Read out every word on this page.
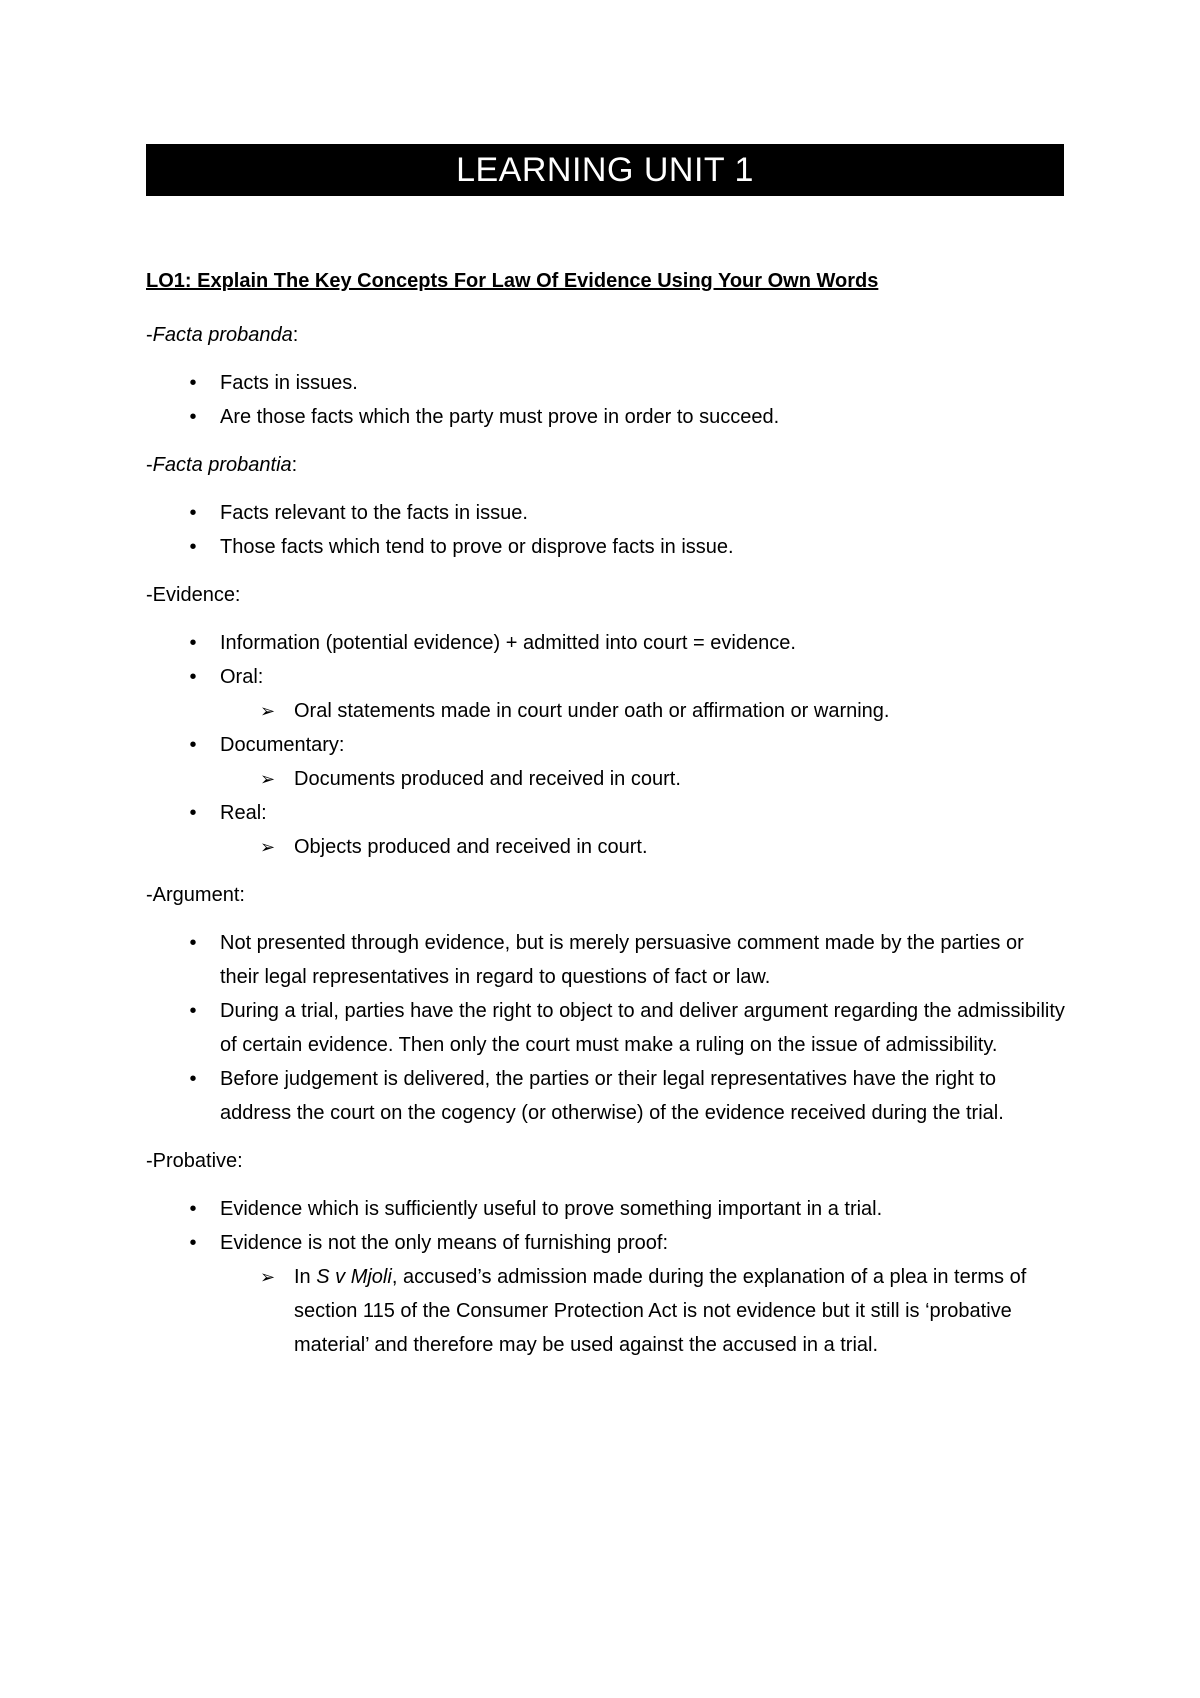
LEARNING UNIT 1
LO1: Explain The Key Concepts For Law Of Evidence Using Your Own Words

-Facta probanda:

• Facts in issues.
• Are those facts which the party must prove in order to succeed.

-Facta probantia:

• Facts relevant to the facts in issue.
• Those facts which tend to prove or disprove facts in issue.

-Evidence:

• Information (potential evidence) + admitted into court = evidence.
• Oral:
➢ Oral statements made in court under oath or affirmation or warning.
• Documentary:
➢ Documents produced and received in court.
• Real:
➢ Objects produced and received in court.

-Argument:

• Not presented through evidence, but is merely persuasive comment made by the parties or their legal representatives in regard to questions of fact or law.
• During a trial, parties have the right to object to and deliver argument regarding the admissibility of certain evidence. Then only the court must make a ruling on the issue of admissibility.
• Before judgement is delivered, the parties or their legal representatives have the right to address the court on the cogency (or otherwise) of the evidence received during the trial.

-Probative:

• Evidence which is sufficiently useful to prove something important in a trial.
• Evidence is not the only means of furnishing proof:
➢ In S v Mjoli, accused’s admission made during the explanation of a plea in terms of section 115 of the Consumer Protection Act is not evidence but it still is ‘probative material’ and therefore may be used against the accused in a trial.
